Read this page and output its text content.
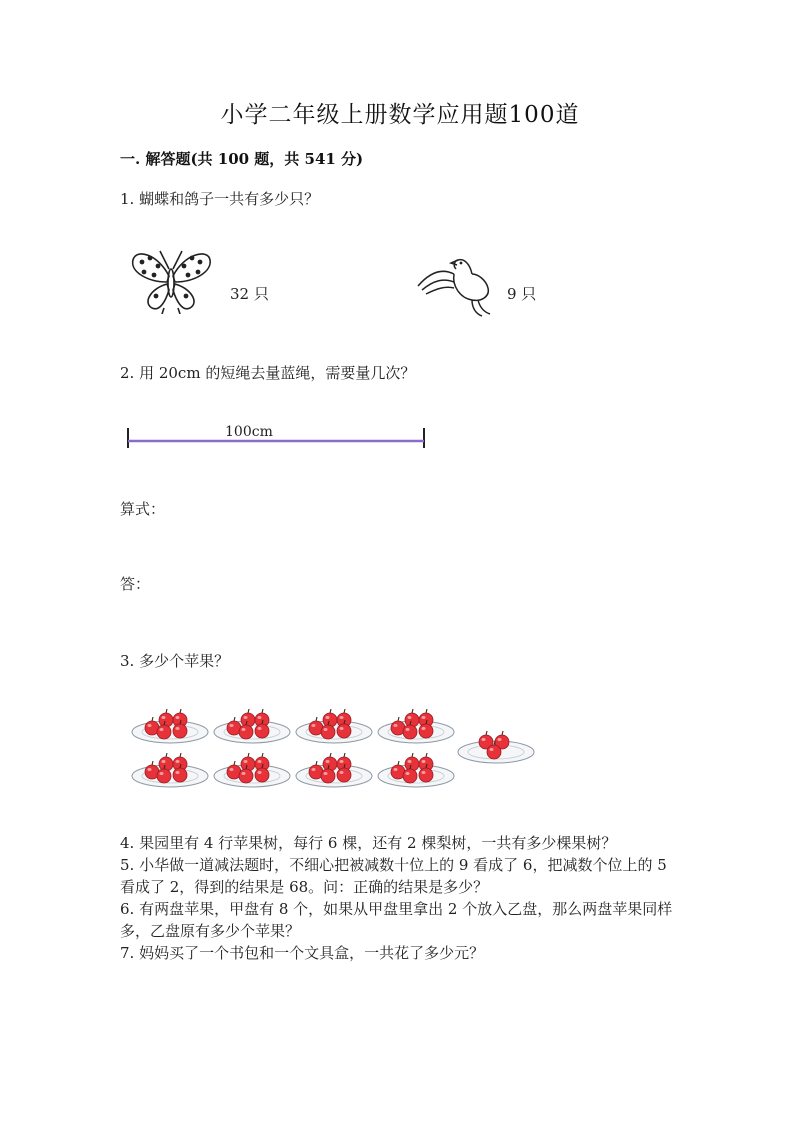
小学二年级上册数学应用题100道
一. 解答题(共 100 题，共 541 分)
1. 蝴蝶和鸽子一共有多少只？
32 只	9 只
2. 用 20cm 的短绳去量蓝绳，需要量几次？
100cm
算式：
答：
3. 多少个苹果？
4. 果园里有 4 行苹果树，每行 6 棵，还有 2 棵梨树，一共有多少棵果树？
5. 小华做一道减法题时，不细心把被减数十位上的 9 看成了 6，把减数个位上的 5 看成了 2，得到的结果是 68。问：正确的结果是多少？
6. 有两盘苹果，甲盘有 8 个，如果从甲盘里拿出 2 个放入乙盘，那么两盘苹果同样多，乙盘原有多少个苹果？
7. 妈妈买了一个书包和一个文具盒，一共花了多少元？
